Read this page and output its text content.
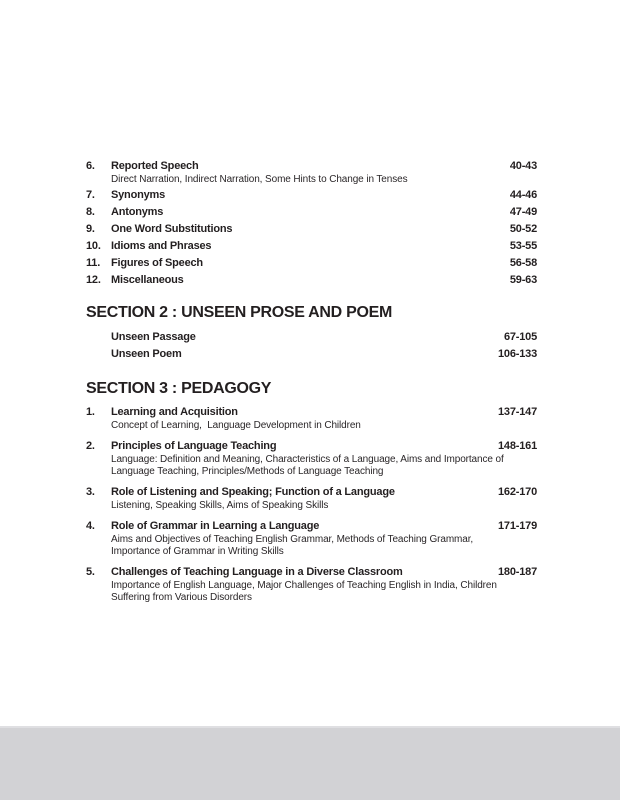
6.	Reported Speech	40-43
Direct Narration, Indirect Narration, Some Hints to Change in Tenses
7.	Synonyms	44-46
8.	Antonyms	47-49
9.	One Word Substitutions	50-52
10. Idioms and Phrases	53-55
11. Figures of Speech	56-58
12. Miscellaneous	59-63
SECTION 2 : UNSEEN PROSE AND POEM
Unseen Passage	67-105
Unseen Poem	106-133
SECTION 3 : PEDAGOGY
1.	Learning and Acquisition	137-147
Concept of Learning,  Language Development in Children
2.	Principles of Language Teaching	148-161
Language: Definition and Meaning, Characteristics of a Language, Aims and Importance of
Language Teaching, Principles/Methods of Language Teaching
3.	Role of Listening and Speaking; Function of a Language	162-170
Listening, Speaking Skills, Aims of Speaking Skills
4.	Role of Grammar in Learning a Language	171-179
Aims and Objectives of Teaching English Grammar, Methods of Teaching Grammar,
Importance of Grammar in Writing Skills
5.	Challenges of Teaching Language in a Diverse Classroom	180-187
Importance of English Language, Major Challenges of Teaching English in India, Children
Suffering from Various Disorders
